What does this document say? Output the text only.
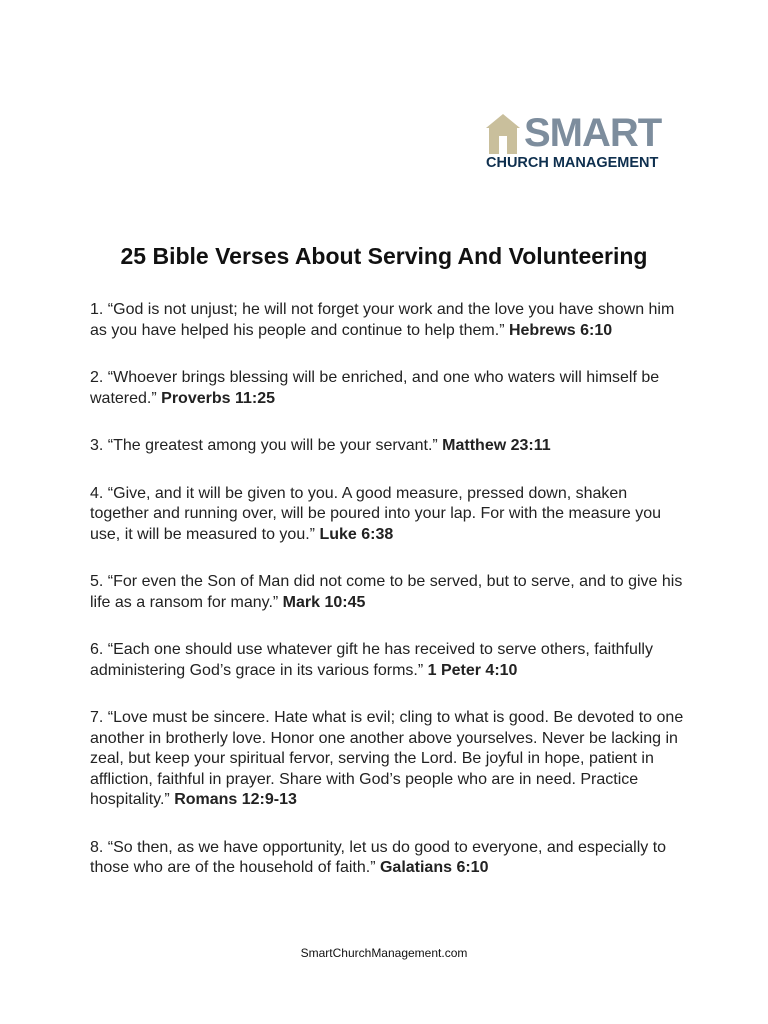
SMART
CHURCH MANAGEMENT
25 Bible Verses About Serving And Volunteering

1. “God is not unjust; he will not forget your work and the love you have shown him as you have helped his people and continue to help them.” Hebrews 6:10

2. “Whoever brings blessing will be enriched, and one who waters will himself be watered.” Proverbs 11:25

3. “The greatest among you will be your servant.” Matthew 23:11

4. “Give, and it will be given to you. A good measure, pressed down, shaken together and running over, will be poured into your lap. For with the measure you use, it will be measured to you.” Luke 6:38

5. “For even the Son of Man did not come to be served, but to serve, and to give his life as a ransom for many.” Mark 10:45

6. “Each one should use whatever gift he has received to serve others, faithfully administering God’s grace in its various forms.” 1 Peter 4:10

7. “Love must be sincere. Hate what is evil; cling to what is good. Be devoted to one another in brotherly love. Honor one another above yourselves. Never be lacking in zeal, but keep your spiritual fervor, serving the Lord. Be joyful in hope, patient in affliction, faithful in prayer. Share with God’s people who are in need. Practice hospitality.” Romans 12:9-13

8. “So then, as we have opportunity, let us do good to everyone, and especially to those who are of the household of faith.” Galatians 6:10

SmartChurchManagement.com
